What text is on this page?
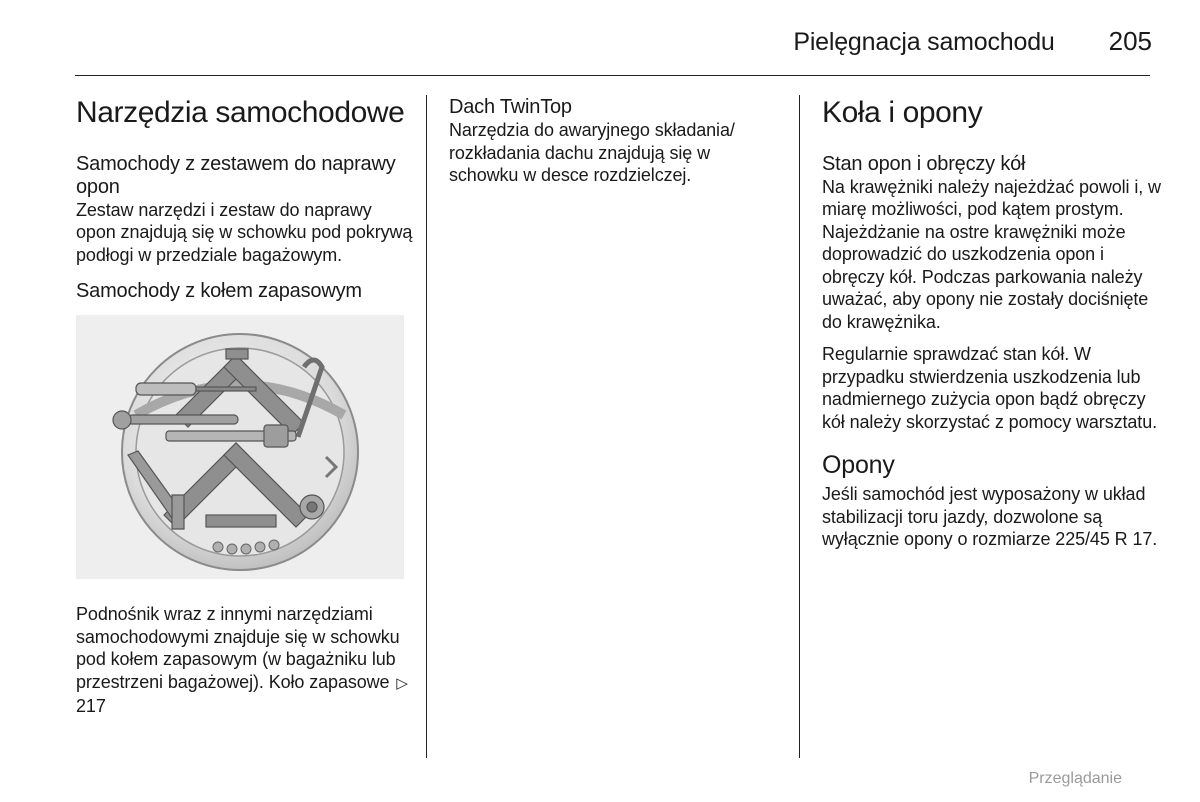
Pielęgnacja samochodu 205
Narzędzia samochodowe
Samochody z zestawem do naprawy opon

Zestaw narzędzi i zestaw do naprawy opon znajdują się w schowku pod pokrywą podłogi w przedziale bagażowym.

Samochody z kołem zapasowym

Podnośnik wraz z innymi narzędziami samochodowymi znajduje się w schowku pod kołem zapasowym (w bagażniku lub przestrzeni bagażowej). Koło zapasowe ▷ 217

Dach TwinTop

Narzędzia do awaryjnego składania/ rozkładania dachu znajdują się w schowku w desce rozdzielczej.

Koła i opony
Stan opon i obręczy kół

Na krawężniki należy najeżdżać powoli i, w miarę możliwości, pod kątem prostym. Najeżdżanie na ostre krawężniki może doprowadzić do uszkodzenia opon i obręczy kół. Podczas parkowania należy uważać, aby opony nie zostały dociśnięte do krawężnika.

Regularnie sprawdzać stan kół. W przypadku stwierdzenia uszkodzenia lub nadmiernego zużycia opon bądź obręczy kół należy skorzystać z pomocy warsztatu.

Opony

Jeśli samochód jest wyposażony w układ stabilizacji toru jazdy, dozwolone są wyłącznie opony o rozmiarze 225/45 R 17.

Przeglądanie
